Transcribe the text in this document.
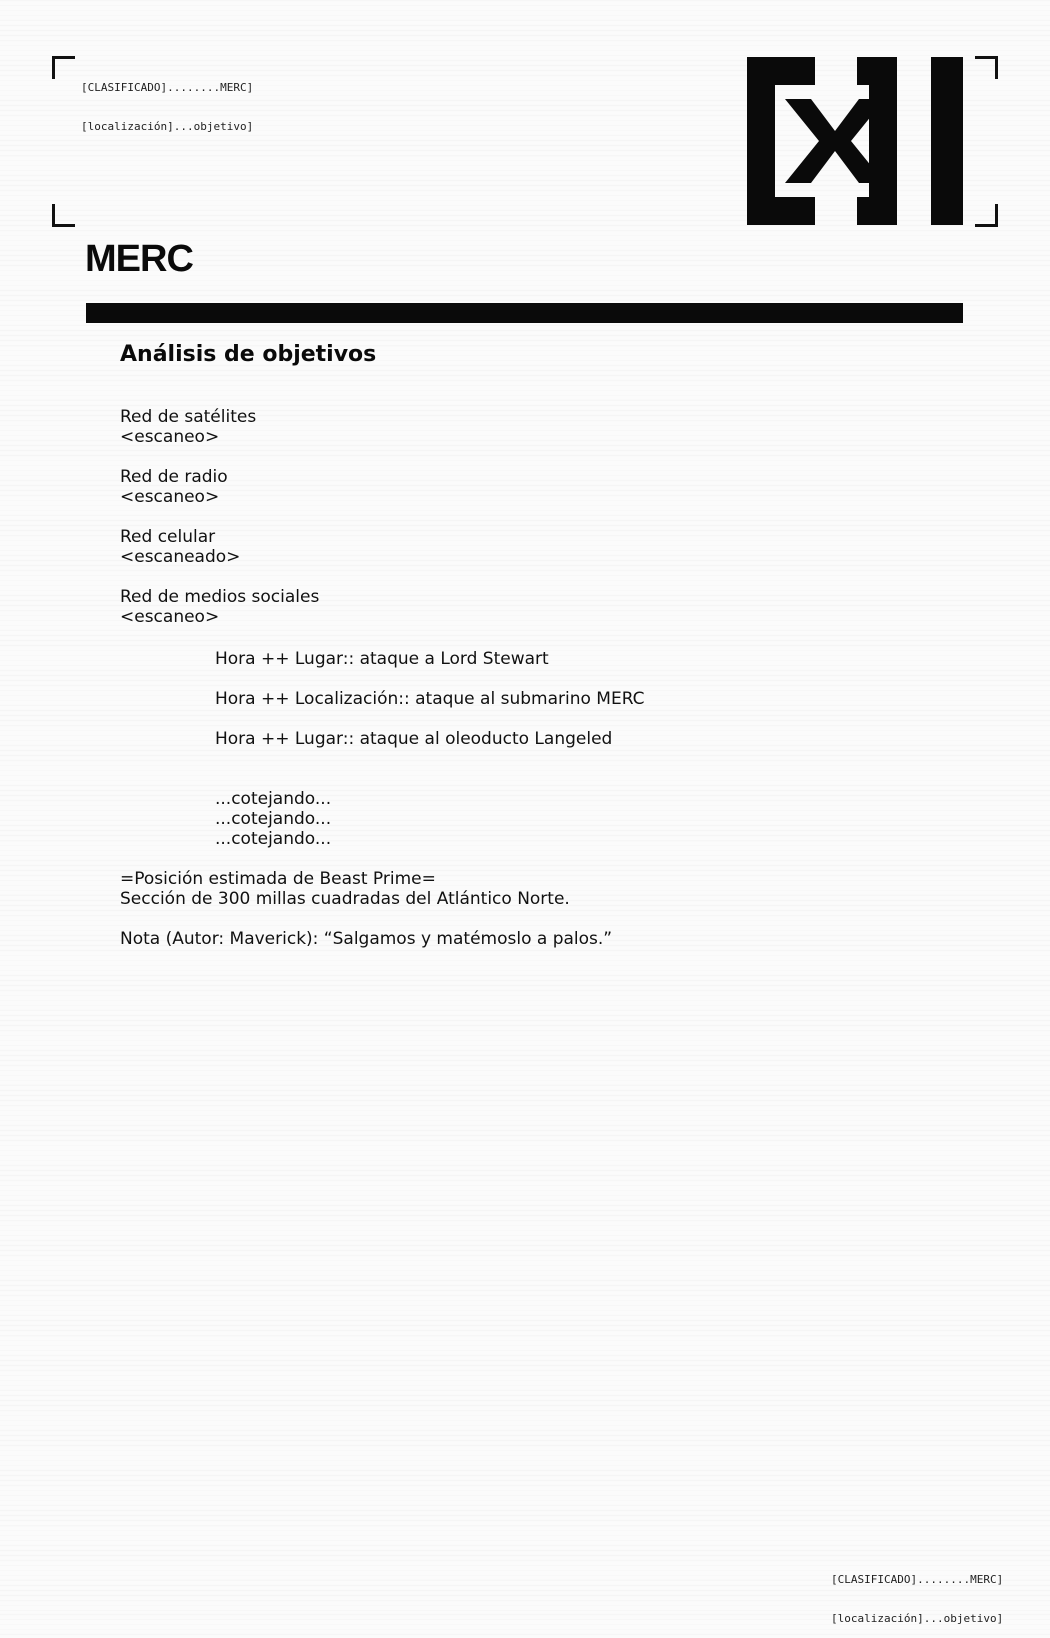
[CLASIFICADO]........MERC]

[localización]...objetivo]

MERC
Análisis de objetivos
Red de satélites
<escaneo>
Red de radio
<escaneo>
Red celular
<escaneado>
Red de medios sociales
<escaneo>
Hora ++ Lugar:: ataque a Lord Stewart
Hora ++ Localización:: ataque al submarino MERC
Hora ++ Lugar:: ataque al oleoducto Langeled
...cotejando...
...cotejando...
...cotejando...
=Posición estimada de Beast Prime=
Sección de 300 millas cuadradas del Atlántico Norte.
Nota (Autor: Maverick): “Salgamos y matémoslo a palos.”

[CLASIFICADO]........MERC]

[localización]...objetivo]
